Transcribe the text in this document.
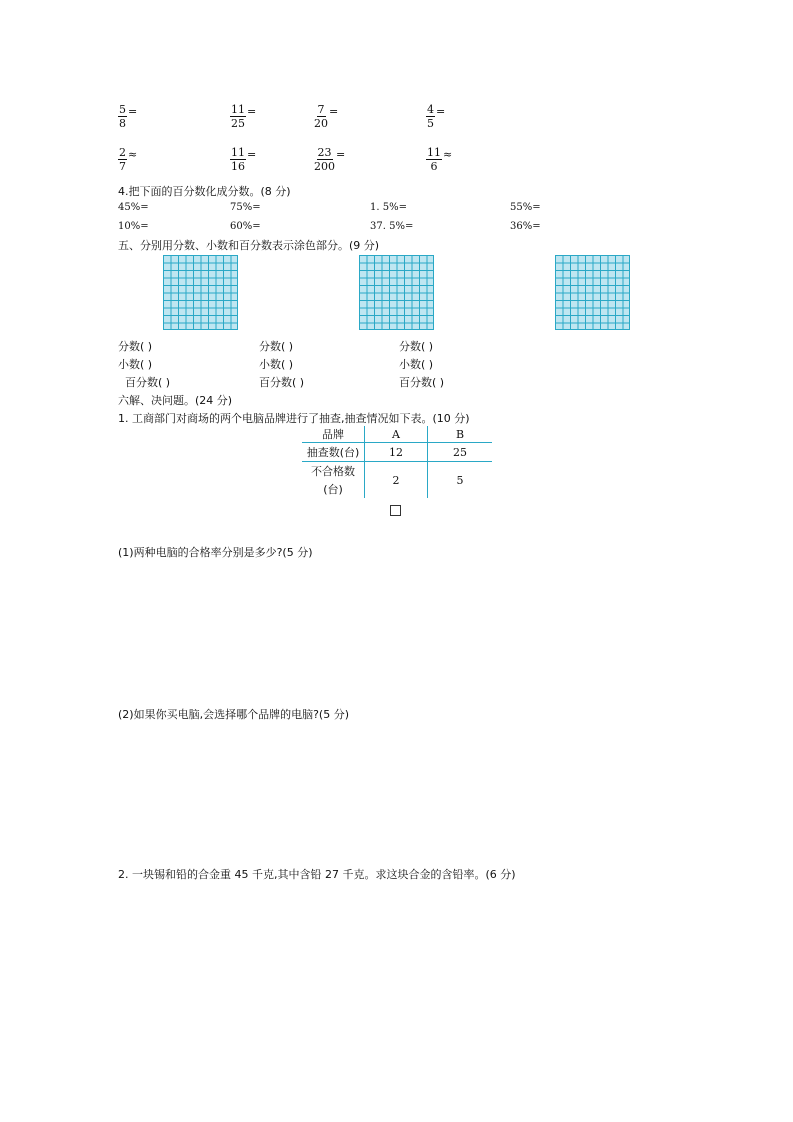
$\frac{5}{8}$ =	$\frac{11}{25}$ =	$\frac{7}{20}$ =	$\frac{4}{5}$ =
$\frac{2}{7}$ ≈	$\frac{11}{16}$ =	$\frac{23}{200}$ =	$\frac{11}{6}$ ≈
4.把下面的百分数化成分数。(8 分)
45%=	75%=	1. 5%=	55%=
10%=	60%=	37. 5%=	36%=
五、分别用分数、小数和百分数表示涂色部分。(9 分)
分数( )
小数( )
百分数( )
分数( )
小数( )
百分数( )
分数( )
小数( )
百分数( )
六解、决问题。(24 分)
1. 工商部门对商场的两个电脑品牌进行了抽查,抽查情况如下表。(10 分)
品牌	A	B
抽查数(台)	12	25

不合格数
(台)	2	5
(1)两种电脑的合格率分别是多少?(5 分)
(2)如果你买电脑,会选择哪个品牌的电脑?(5 分)
2. 一块锡和铅的合金重 45 千克,其中含铅 27 千克。求这块合金的含铅率。(6 分)
